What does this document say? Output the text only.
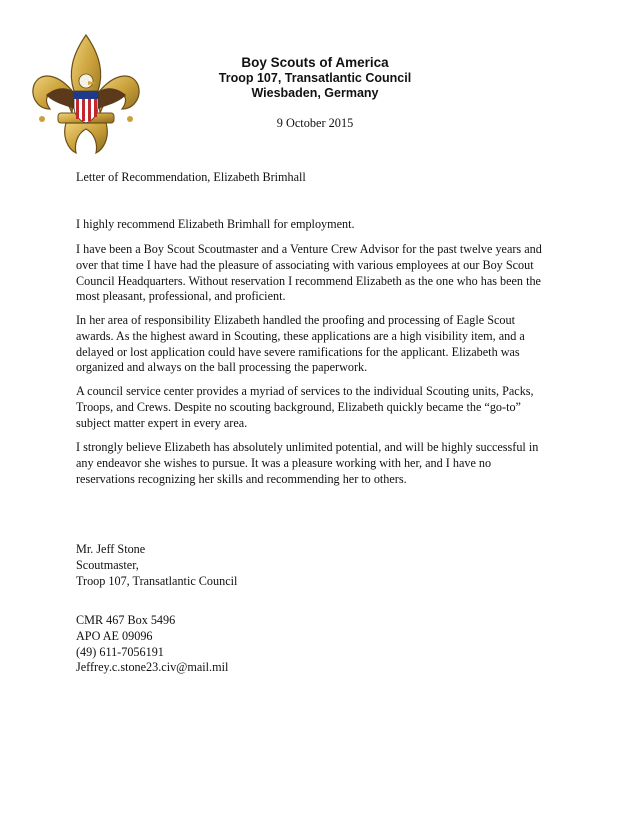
Boy Scouts of America
Troop 107, Transatlantic Council
Wiesbaden, Germany
9 October 2015

Letter of Recommendation, Elizabeth Brimhall

I highly recommend Elizabeth Brimhall for employment.

I have been a Boy Scout Scoutmaster and a Venture Crew Advisor for the past twelve years and
over that time I have had the pleasure of associating with various employees at our Boy Scout
Council Headquarters. Without reservation I recommend Elizabeth as the one who has been the
most pleasant, professional, and proficient.

In her area of responsibility Elizabeth handled the proofing and processing of Eagle Scout
awards. As the highest award in Scouting, these applications are a high visibility item, and a
delayed or lost application could have severe ramifications for the applicant. Elizabeth was
organized and always on the ball processing the paperwork.

A council service center provides a myriad of services to the individual Scouting units, Packs,
Troops, and Crews. Despite no scouting background, Elizabeth quickly became the “go-to”
subject matter expert in every area.

I strongly believe Elizabeth has absolutely unlimited potential, and will be highly successful in
any endeavor she wishes to pursue. It was a pleasure working with her, and I have no
reservations recognizing her skills and recommending her to others.

Mr. Jeff Stone
Scoutmaster,
Troop 107, Transatlantic Council
CMR 467 Box 5496
APO AE 09096
(49) 611-7056191
Jeffrey.c.stone23.civ@mail.mil
